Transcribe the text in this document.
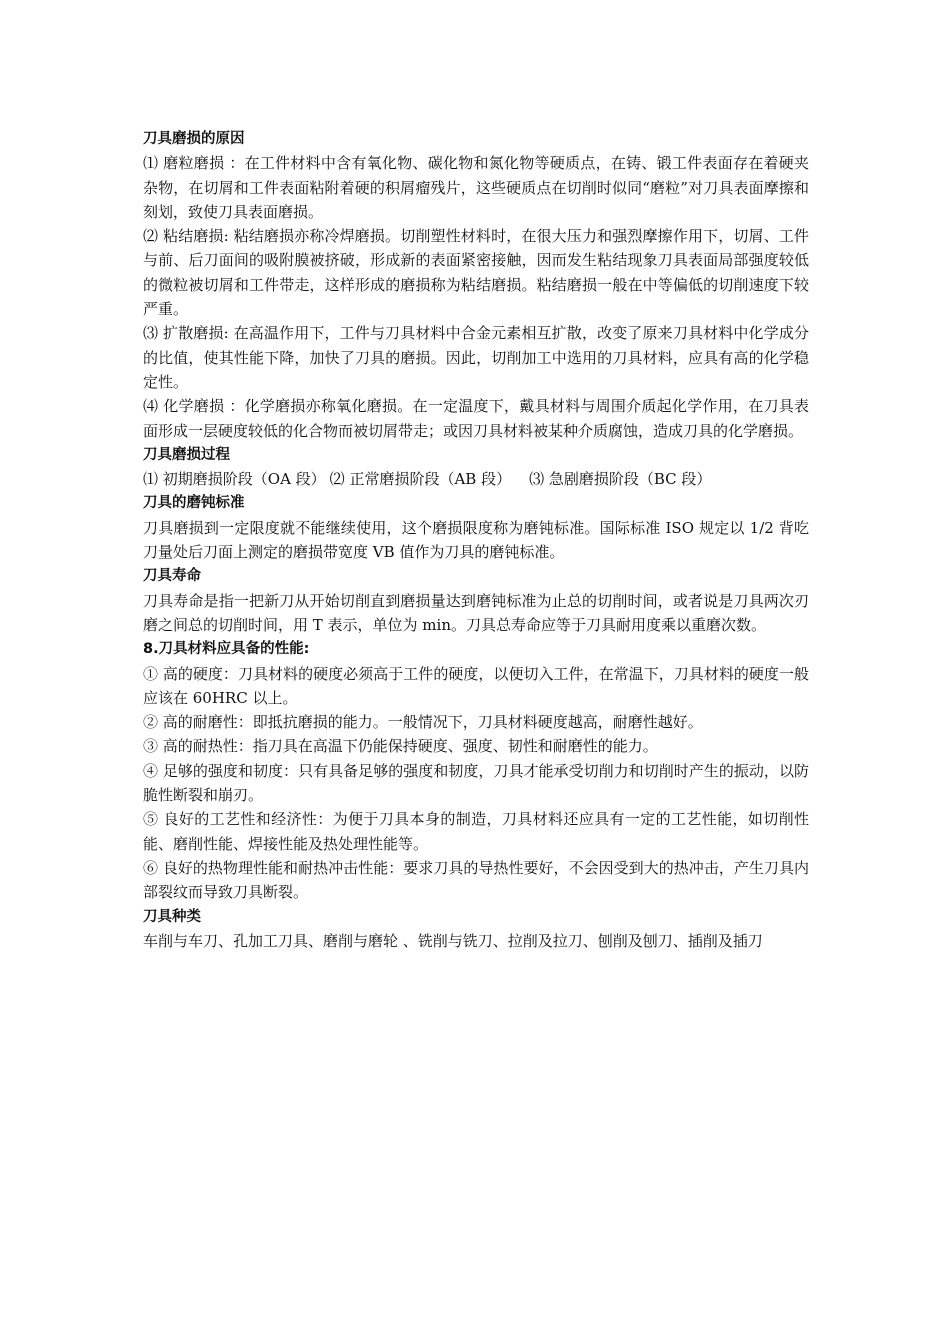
刀具磨损的原因

⑴ 磨粒磨损 ：在工件材料中含有氧化物、碳化物和氮化物等硬质点，在铸、锻工件表面存在着硬夹杂物，在切屑和工件表面粘附着硬的积屑瘤残片，这些硬质点在切削时似同“磨粒”对刀具表面摩擦和刻划，致使刀具表面磨损。

⑵ 粘结磨损: 粘结磨损亦称冷焊磨损。切削塑性材料时，在很大压力和强烈摩擦作用下，切屑、工件与前、后刀面间的吸附膜被挤破，形成新的表面紧密接触，因而发生粘结现象刀具表面局部强度较低的微粒被切屑和工件带走，这样形成的磨损称为粘结磨损。粘结磨损一般在中等偏低的切削速度下较严重。

⑶ 扩散磨损: 在高温作用下，工件与刀具材料中合金元素相互扩散，改变了原来刀具材料中化学成分的比值，使其性能下降，加快了刀具的磨损。因此，切削加工中选用的刀具材料，应具有高的化学稳定性。

⑷ 化学磨损 ：化学磨损亦称氧化磨损。在一定温度下，戴具材料与周围介质起化学作用，在刀具表面形成一层硬度较低的化合物而被切屑带走；或因刀具材料被某种介质腐蚀，造成刀具的化学磨损。

刀具磨损过程

⑴ 初期磨损阶段（OA 段） ⑵ 正常磨损阶段（AB 段） ⑶ 急剧磨损阶段（BC 段）

刀具的磨钝标准

刀具磨损到一定限度就不能继续使用，这个磨损限度称为磨钝标准。国际标准 ISO 规定以 1/2 背吃刀量处后刀面上测定的磨损带宽度 VB 值作为刀具的磨钝标准。

刀具寿命

刀具寿命是指一把新刀从开始切削直到磨损量达到磨钝标准为止总的切削时间，或者说是刀具两次刃磨之间总的切削时间，用 T 表示，单位为 min。刀具总寿命应等于刀具耐用度乘以重磨次数。

8.刀具材料应具备的性能:

① 高的硬度：刀具材料的硬度必须高于工件的硬度，以便切入工件，在常温下，刀具材料的硬度一般应该在 60HRC 以上。

② 高的耐磨性：即抵抗磨损的能力。一般情况下，刀具材料硬度越高，耐磨性越好。

③ 高的耐热性：指刀具在高温下仍能保持硬度、强度、韧性和耐磨性的能力。

④ 足够的强度和韧度：只有具备足够的强度和韧度，刀具才能承受切削力和切削时产生的振动，以防脆性断裂和崩刃。

⑤ 良好的工艺性和经济性：为便于刀具本身的制造，刀具材料还应具有一定的工艺性能，如切削性能、磨削性能、焊接性能及热处理性能等。

⑥ 良好的热物理性能和耐热冲击性能：要求刀具的导热性要好，不会因受到大的热冲击，产生刀具内部裂纹而导致刀具断裂。

刀具种类

车削与车刀、孔加工刀具、磨削与磨轮 、铣削与铣刀、拉削及拉刀、刨削及刨刀、插削及插刀
